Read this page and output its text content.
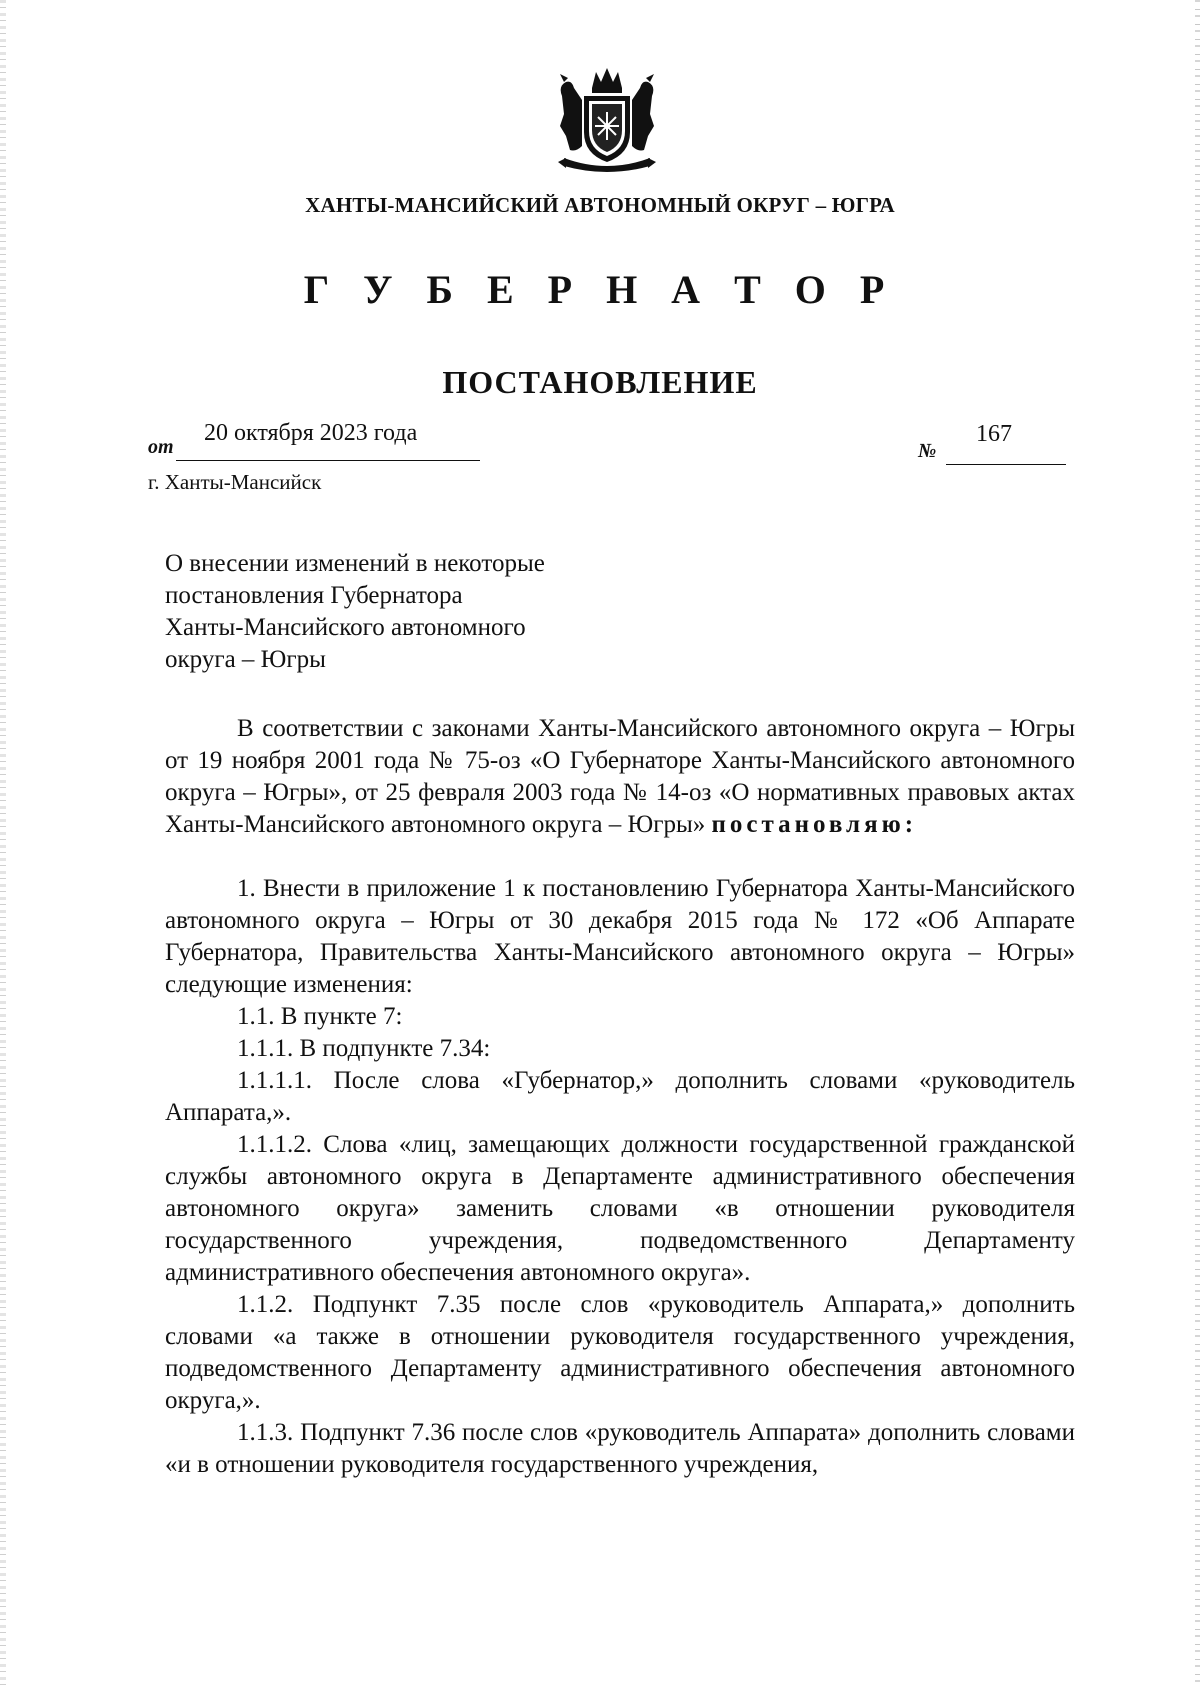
ХАНТЫ-МАНСИЙСКИЙ АВТОНОМНЫЙ ОКРУГ – ЮГРА
Г У Б Е Р Н А Т О Р
ПОСТАНОВЛЕНИЕ
от
20 октября 2023 года
№
167
г. Ханты-Мансийск
О внесении изменений в некоторые
постановления Губернатора
Ханты-Мансийского автономного
округа – Югры

В соответствии с законами Ханты-Мансийского автономного округа – Югры от 19 ноября 2001 года № 75-оз «О Губернаторе Ханты-Мансийского автономного округа – Югры», от 25 февраля 2003 года № 14-оз «О нормативных правовых актах Ханты-Мансийского автономного округа – Югры» постановляю:

1. Внести в приложение 1 к постановлению Губернатора Ханты-Мансийского автономного округа – Югры от 30 декабря 2015 года № 172 «Об Аппарате Губернатора, Правительства Ханты-Мансийского автономного округа – Югры» следующие изменения:

1.1. В пункте 7:

1.1.1. В подпункте 7.34:

1.1.1.1. После слова «Губернатор,» дополнить словами «руководитель Аппарата,».

1.1.1.2. Слова «лиц, замещающих должности государственной гражданской службы автономного округа в Департаменте административного обеспечения автономного округа» заменить словами «в отношении руководителя государственного учреждения, подведомственного Департаменту административного обеспечения автономного округа».

1.1.2. Подпункт 7.35 после слов «руководитель Аппарата,» дополнить словами «а также в отношении руководителя государственного учреждения, подведомственного Департаменту административного обеспечения автономного округа,».

1.1.3. Подпункт 7.36 после слов «руководитель Аппарата» дополнить словами «и в отношении руководителя государственного учреждения,
